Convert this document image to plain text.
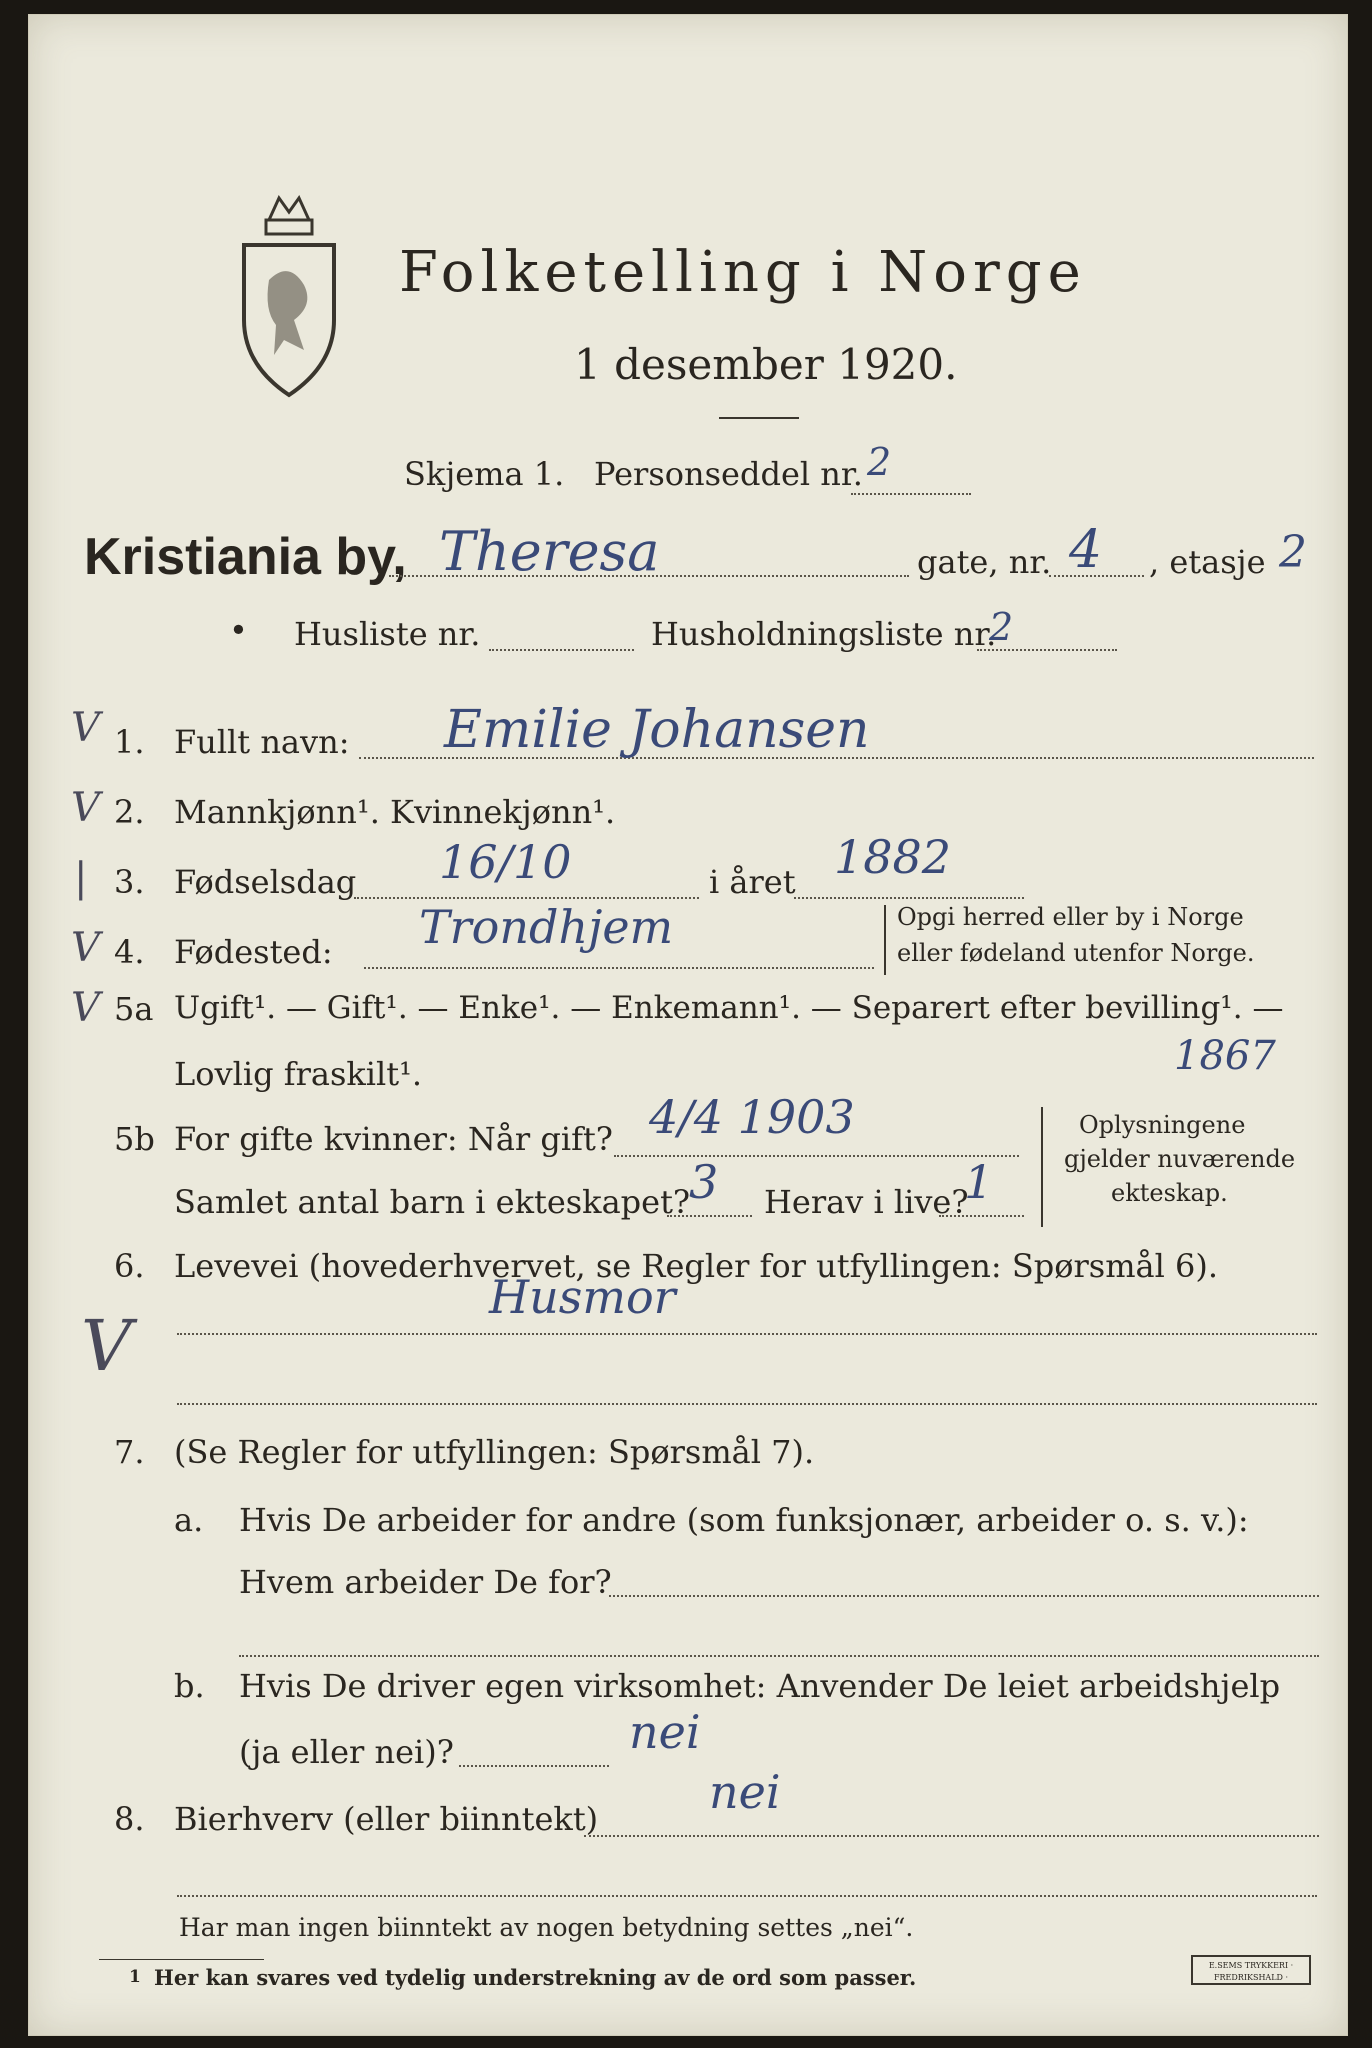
Folketelling i Norge
1 desember 1920.
Skjema 1. Personseddel nr. 2
Kristiania by, Theresa	gate, nr. 4 , etasje 2
• Husliste nr.	Husholdningsliste nr.
2
V
V
|
V
V
V
1. Fullt navn: Emilie Johansen
2. Mannkjønn¹. Kvinnekjønn¹.
3. Fødselsdag 16/10	i året 1882
4. Fødested: Trondhjem	Opgi herred eller by i Norge
eller fødeland utenfor Norge.
5a Ugift¹. — Gift¹. — Enke¹. — Enkemann¹. — Separert efter bevilling¹. —
Lovlig fraskilt¹.	1867
5b For gifte kvinner: Når gift? 4/4 1903
Samlet antal barn i ekteskapet?
3 Herav i live?
1
Oplysningene
gjelder nuværende
ekteskap.
6. Levevei (hovederhvervet, se Regler for utfyllingen: Spørsmål 6).
Husmor
7. (Se Regler for utfyllingen: Spørsmål 7).
a. Hvis De arbeider for andre (som funksjonær, arbeider o. s. v.):
Hvem arbeider De for?
b. Hvis De driver egen virksomhet: Anvender De leiet arbeidshjelp
(ja eller nei)?	nei
8. Bierhverv (eller biinntekt) nei
Har man ingen biinntekt av nogen betydning settes „nei“.
1 Her kan svares ved tydelig understrekning av de ord som passer.	E.SEMS TRYKKERI · FREDRIKSHALD ·
